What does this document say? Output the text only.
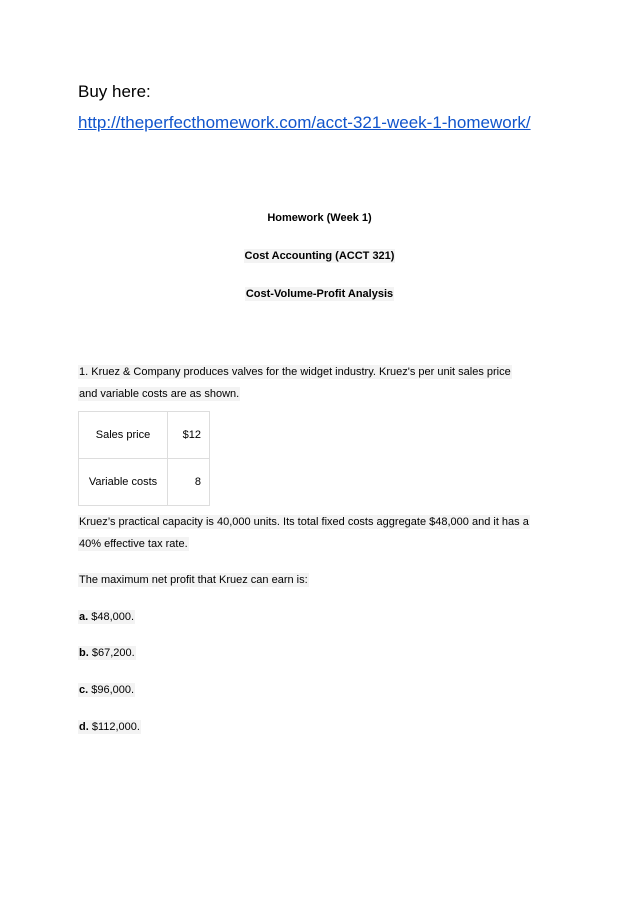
Buy here:
http://theperfecthomework.com/acct-321-week-1-homework/
Homework (Week 1)
Cost Accounting (ACCT 321)
Cost-Volume-Profit Analysis
1. Kruez & Company produces valves for the widget industry. Kruez's per unit sales price
and variable costs are as shown.
Sales price	$12
Variable costs	8
Kruez’s practical capacity is 40,000 units. Its total fixed costs aggregate $48,000 and it has a
40% effective tax rate.
The maximum net profit that Kruez can earn is:
a. $48,000.
b. $67,200.
c. $96,000.
d. $112,000.
